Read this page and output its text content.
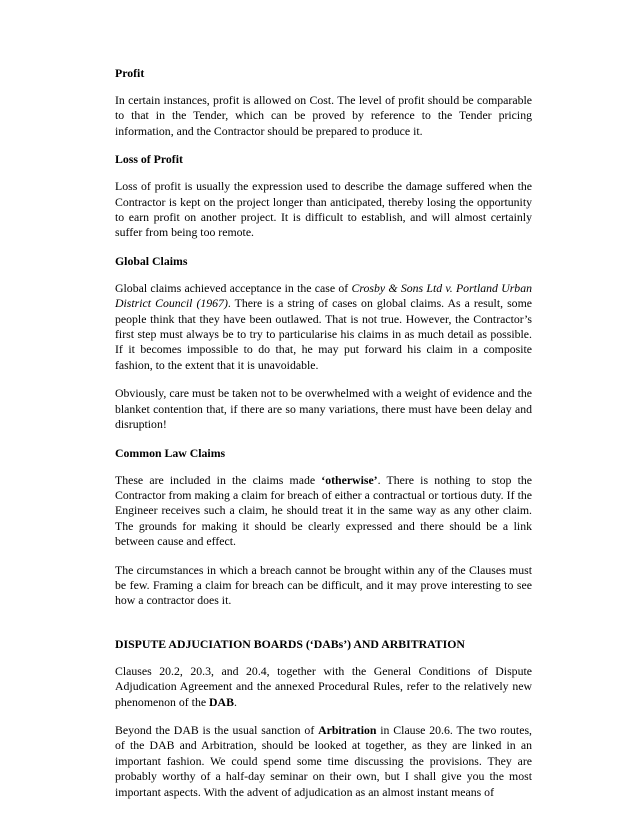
Profit

In certain instances, profit is allowed on Cost. The level of profit should be comparable to that in the Tender, which can be proved by reference to the Tender pricing information, and the Contractor should be prepared to produce it.

Loss of Profit

Loss of profit is usually the expression used to describe the damage suffered when the Contractor is kept on the project longer than anticipated, thereby losing the opportunity to earn profit on another project. It is difficult to establish, and will almost certainly suffer from being too remote.

Global Claims

Global claims achieved acceptance in the case of Crosby & Sons Ltd v. Portland Urban District Council (1967). There is a string of cases on global claims. As a result, some people think that they have been outlawed. That is not true. However, the Contractor’s first step must always be to try to particularise his claims in as much detail as possible. If it becomes impossible to do that, he may put forward his claim in a composite fashion, to the extent that it is unavoidable.

Obviously, care must be taken not to be overwhelmed with a weight of evidence and the blanket contention that, if there are so many variations, there must have been delay and disruption!

Common Law Claims

These are included in the claims made ‘otherwise’. There is nothing to stop the Contractor from making a claim for breach of either a contractual or tortious duty. If the Engineer receives such a claim, he should treat it in the same way as any other claim. The grounds for making it should be clearly expressed and there should be a link between cause and effect.

The circumstances in which a breach cannot be brought within any of the Clauses must be few. Framing a claim for breach can be difficult, and it may prove interesting to see how a contractor does it.

DISPUTE ADJUCIATION BOARDS (‘DABs’) AND ARBITRATION

Clauses 20.2, 20.3, and 20.4, together with the General Conditions of Dispute Adjudication Agreement and the annexed Procedural Rules, refer to the relatively new phenomenon of the DAB.

Beyond the DAB is the usual sanction of Arbitration in Clause 20.6. The two routes, of the DAB and Arbitration, should be looked at together, as they are linked in an important fashion. We could spend some time discussing the provisions. They are probably worthy of a half-day seminar on their own, but I shall give you the most important aspects. With the advent of adjudication as an almost instant means of
